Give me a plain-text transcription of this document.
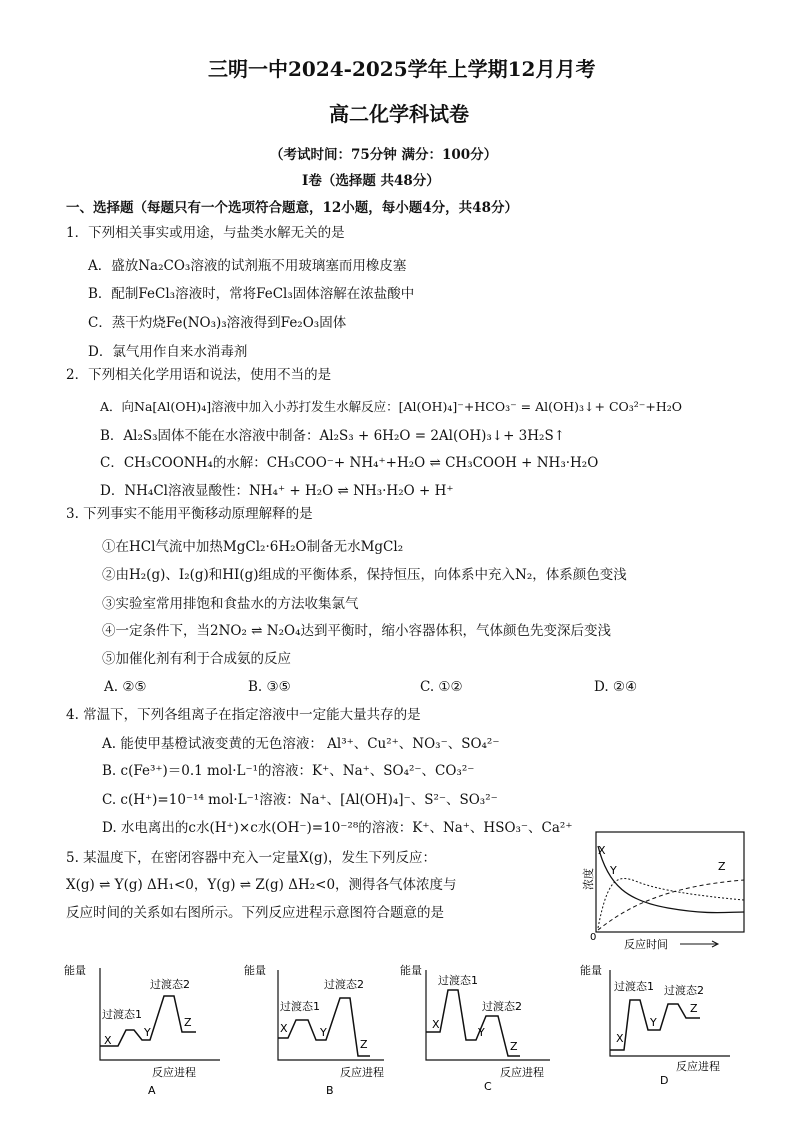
三明一中2024-2025学年上学期12月月考
高二化学科试卷
（考试时间：75分钟 满分：100分）
Ⅰ卷（选择题 共48分）
一、选择题（每题只有一个选项符合题意，12小题，每小题4分，共48分）
1．下列相关事实或用途，与盐类水解无关的是
A．盛放Na₂CO₃溶液的试剂瓶不用玻璃塞而用橡皮塞
B．配制FeCl₃溶液时，常将FeCl₃固体溶解在浓盐酸中
C．蒸干灼烧Fe(NO₃)₃溶液得到Fe₂O₃固体
D．氯气用作自来水消毒剂
2．下列相关化学用语和说法，使用不当的是
A．向Na[Al(OH)₄]溶液中加入小苏打发生水解反应：[Al(OH)₄]⁻+HCO₃⁻ = Al(OH)₃↓+ CO₃²⁻+H₂O
B．Al₂S₃固体不能在水溶液中制备：Al₂S₃ + 6H₂O = 2Al(OH)₃↓+ 3H₂S↑
C．CH₃COONH₄的水解：CH₃COO⁻+ NH₄⁺+H₂O ⇌ CH₃COOH + NH₃·H₂O
D．NH₄Cl溶液显酸性：NH₄⁺ + H₂O ⇌ NH₃·H₂O + H⁺
3. 下列事实不能用平衡移动原理解释的是
①在HCl气流中加热MgCl₂·6H₂O制备无水MgCl₂
②由H₂(g)、I₂(g)和HI(g)组成的平衡体系，保持恒压，向体系中充入N₂，体系颜色变浅
③实验室常用排饱和食盐水的方法收集氯气
④一定条件下，当2NO₂ ⇌ N₂O₄达到平衡时，缩小容器体积，气体颜色先变深后变浅
⑤加催化剂有利于合成氨的反应
A. ②⑤	B. ③⑤	C. ①②	D. ②④
4. 常温下，下列各组离子在指定溶液中一定能大量共存的是
A. 能使甲基橙试液变黄的无色溶液： Al³⁺、Cu²⁺、NO₃⁻、SO₄²⁻
B. c(Fe³⁺)＝0.1 mol·L⁻¹的溶液：K⁺、Na⁺、SO₄²⁻、CO₃²⁻
C. c(H⁺)=10⁻¹⁴ mol·L⁻¹溶液：Na⁺、[Al(OH)₄]⁻、S²⁻、SO₃²⁻
D. 水电离出的c水(H⁺)×c水(OH⁻)=10⁻²⁸的溶液：K⁺、Na⁺、HSO₃⁻、Ca²⁺
5. 某温度下，在密闭容器中充入一定量X(g)，发生下列反应：
X(g) ⇌ Y(g) ΔH₁<0，Y(g) ⇌ Z(g) ΔH₂<0，测得各气体浓度与
反应时间的关系如右图所示。下列反应进程示意图符合题意的是
浓度
0
反应时间
X
Y	Z
能量
X
Y
Z
过渡态1
过渡态2
反应进程
A
能量
X	Y
Z
过渡态1
过渡态2
反应进程
B
能量
X
Y
Z
过渡态1
过渡态2
反应进程
C
能量
X
Y
Z
过渡态1 过渡态2
反应进程
D
